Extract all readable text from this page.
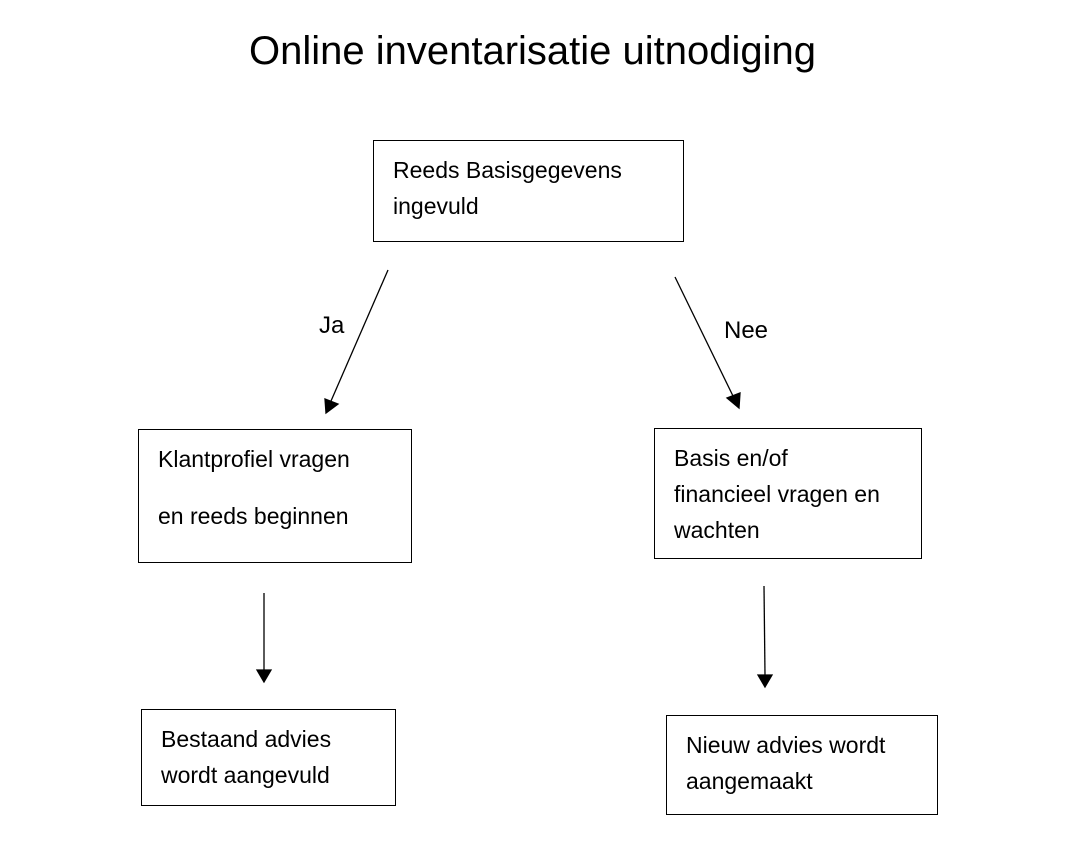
Online inventarisatie uitnodiging
Ja	Nee

Reeds Basisgegevens

ingevuld

Klantprofiel vragen

en reeds beginnen

Basis en/of

financieel vragen en

wachten

Bestaand advies

wordt aangevuld

Nieuw advies wordt

aangemaakt
